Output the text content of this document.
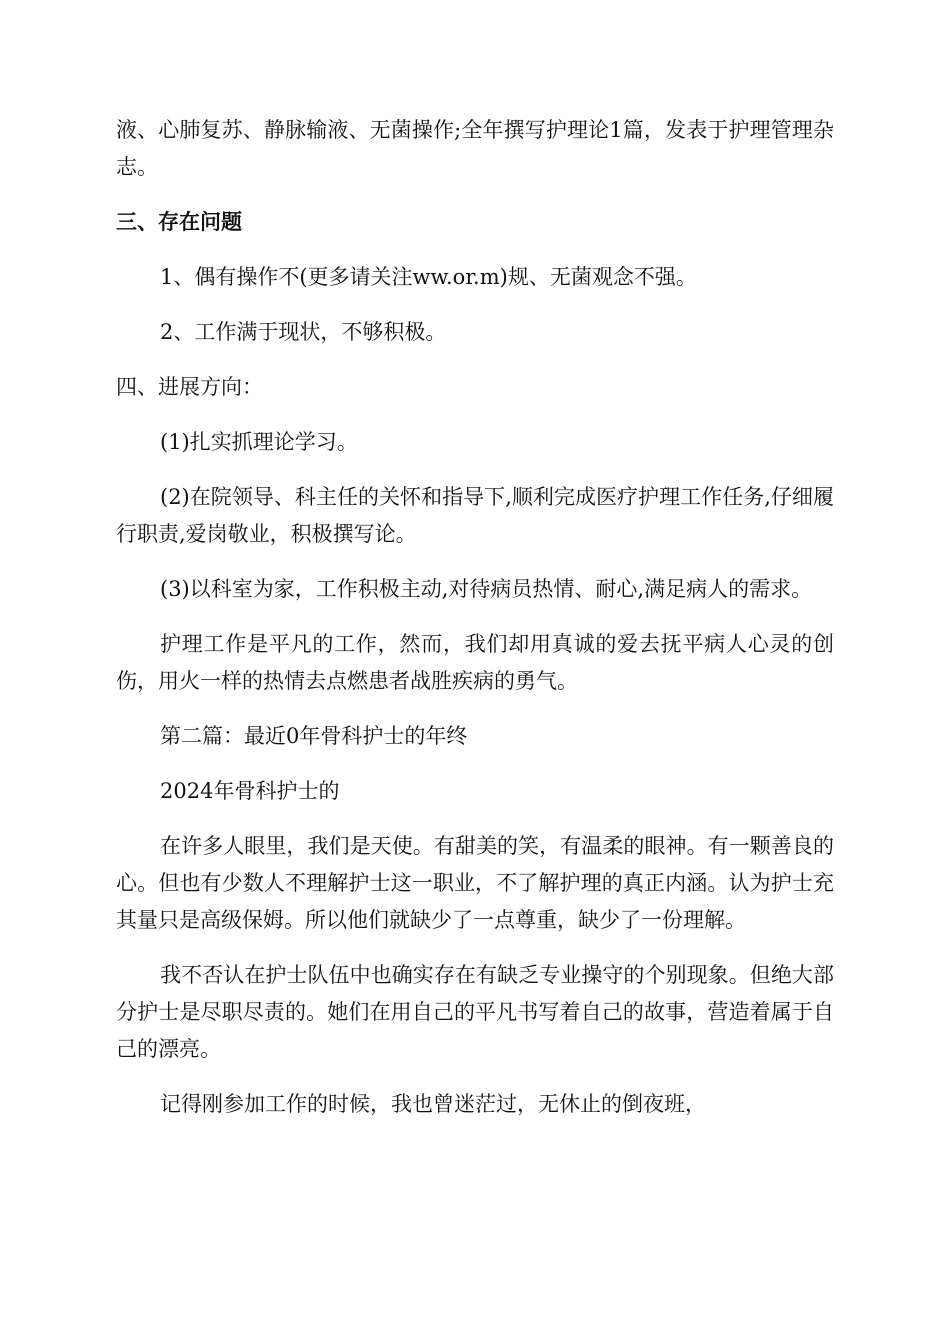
液、心肺复苏、静脉输液、无菌操作;全年撰写护理论1篇，发表于护理管理杂志。

三、存在问题

1、偶有操作不(更多请关注ww.or.m)规、无菌观念不强。

2、工作满于现状，不够积极。

四、进展方向：

(1)扎实抓理论学习。

(2)在院领导、科主任的关怀和指导下,顺利完成医疗护理工作任务,仔细履行职责,爱岗敬业，积极撰写论。

(3)以科室为家，工作积极主动,对待病员热情、耐心,满足病人的需求。

护理工作是平凡的工作，然而，我们却用真诚的爱去抚平病人心灵的创伤，用火一样的热情去点燃患者战胜疾病的勇气。

第二篇：最近0年骨科护士的年终

2024年骨科护士的

在许多人眼里，我们是天使。有甜美的笑，有温柔的眼神。有一颗善良的心。但也有少数人不理解护士这一职业，不了解护理的真正内涵。认为护士充其量只是高级保姆。所以他们就缺少了一点尊重，缺少了一份理解。

我不否认在护士队伍中也确实存在有缺乏专业操守的个别现象。但绝大部分护士是尽职尽责的。她们在用自己的平凡书写着自己的故事，营造着属于自己的漂亮。

记得刚参加工作的时候，我也曾迷茫过，无休止的倒夜班，
